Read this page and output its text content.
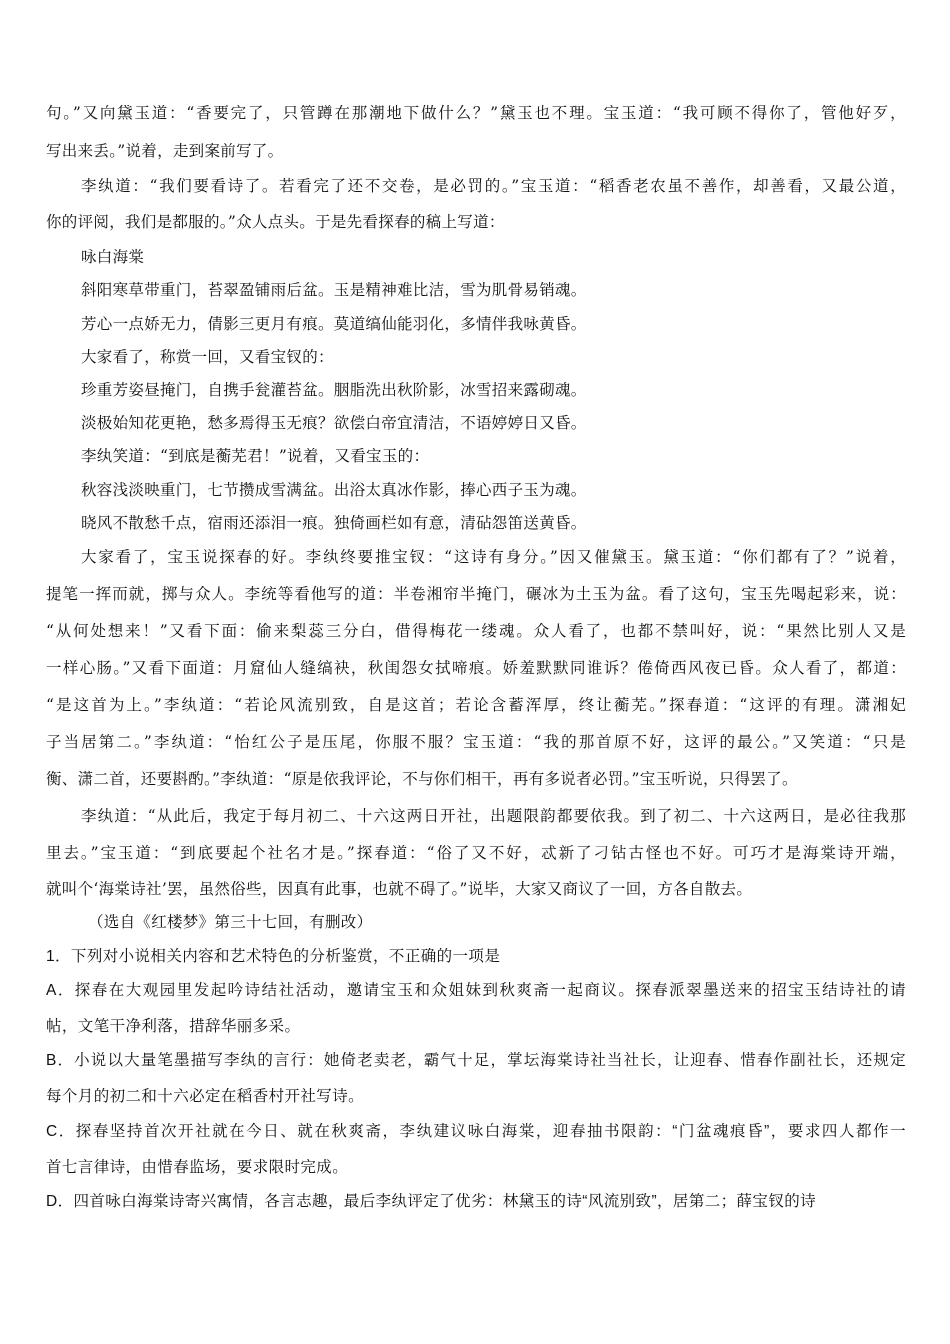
句。”又向黛玉道：“香要完了，只管蹲在那潮地下做什么？”黛玉也不理。宝玉道：“我可顾不得你了，管他好歹，
写出来丢。”说着，走到案前写了。
李纨道：“我们要看诗了。若看完了还不交卷，是必罚的。”宝玉道：“稻香老农虽不善作，却善看，又最公道，
你的评阅，我们是都服的。”众人点头。于是先看探春的稿上写道：
咏白海棠
斜阳寒草带重门，苔翠盈铺雨后盆。玉是精神难比洁，雪为肌骨易销魂。
芳心一点娇无力，倩影三更月有痕。莫道缟仙能羽化，多情伴我咏黄昏。
大家看了，称赏一回，又看宝钗的：
珍重芳姿昼掩门，自携手瓮灌苔盆。胭脂洗出秋阶影，冰雪招来露砌魂。
淡极始知花更艳，愁多焉得玉无痕？欲偿白帝宜清洁，不语婷婷日又昏。
李纨笑道：“到底是蘅芜君！”说着，又看宝玉的：
秋容浅淡映重门，七节攒成雪满盆。出浴太真冰作影，捧心西子玉为魂。
晓风不散愁千点，宿雨还添泪一痕。独倚画栏如有意，清砧怨笛送黄昏。
大家看了，宝玉说探春的好。李纨终要推宝钗：“这诗有身分。”因又催黛玉。黛玉道：“你们都有了？”说着，
提笔一挥而就，掷与众人。李统等看他写的道：半卷湘帘半掩门，碾冰为土玉为盆。看了这句，宝玉先喝起彩来，说：
“从何处想来！”又看下面：偷来梨蕊三分白，借得梅花一缕魂。众人看了，也都不禁叫好，说：“果然比别人又是
一样心肠。”又看下面道：月窟仙人缝缟袂，秋闺怨女拭啼痕。娇羞默默同谁诉？倦倚西风夜已昏。众人看了，都道：
“是这首为上。”李纨道：“若论风流别致，自是这首；若论含蓄浑厚，终让蘅芜。”探春道：“这评的有理。潇湘妃
子当居第二。”李纨道：“怡红公子是压尾，你服不服？宝玉道：“我的那首原不好，这评的最公。”又笑道：“只是
衡、潇二首，还要斟酌。”李纨道：“原是依我评论，不与你们相干，再有多说者必罚。”宝玉听说，只得罢了。
李纨道：“从此后，我定于每月初二、十六这两日开社，出题限韵都要依我。到了初二、十六这两日，是必往我那
里去。”宝玉道：“到底要起个社名才是。”探春道：“俗了又不好，忒新了刁钻古怪也不好。可巧才是海棠诗开端，
就叫个‘海棠诗社’罢，虽然俗些，因真有此事，也就不碍了。”说毕，大家又商议了一回，方各自散去。
（选自《红楼梦》第三十七回，有删改）
1．下列对小说相关内容和艺术特色的分析鉴赏，不正确的一项是
A．探春在大观园里发起吟诗结社活动，邀请宝玉和众姐妹到秋爽斋一起商议。探春派翠墨送来的招宝玉结诗社的请
帖，文笔干净利落，措辞华丽多采。
B．小说以大量笔墨描写李纨的言行：她倚老卖老，霸气十足，掌坛海棠诗社当社长，让迎春、惜春作副社长，还规定
每个月的初二和十六必定在稻香村开社写诗。
C．探春坚持首次开社就在今日、就在秋爽斋，李纨建议咏白海棠，迎春抽书限韵：“门盆魂痕昏”，要求四人都作一
首七言律诗，由惜春监场，要求限时完成。
D．四首咏白海棠诗寄兴寓情，各言志趣，最后李纨评定了优劣：林黛玉的诗“风流别致”，居第二；薛宝钗的诗
